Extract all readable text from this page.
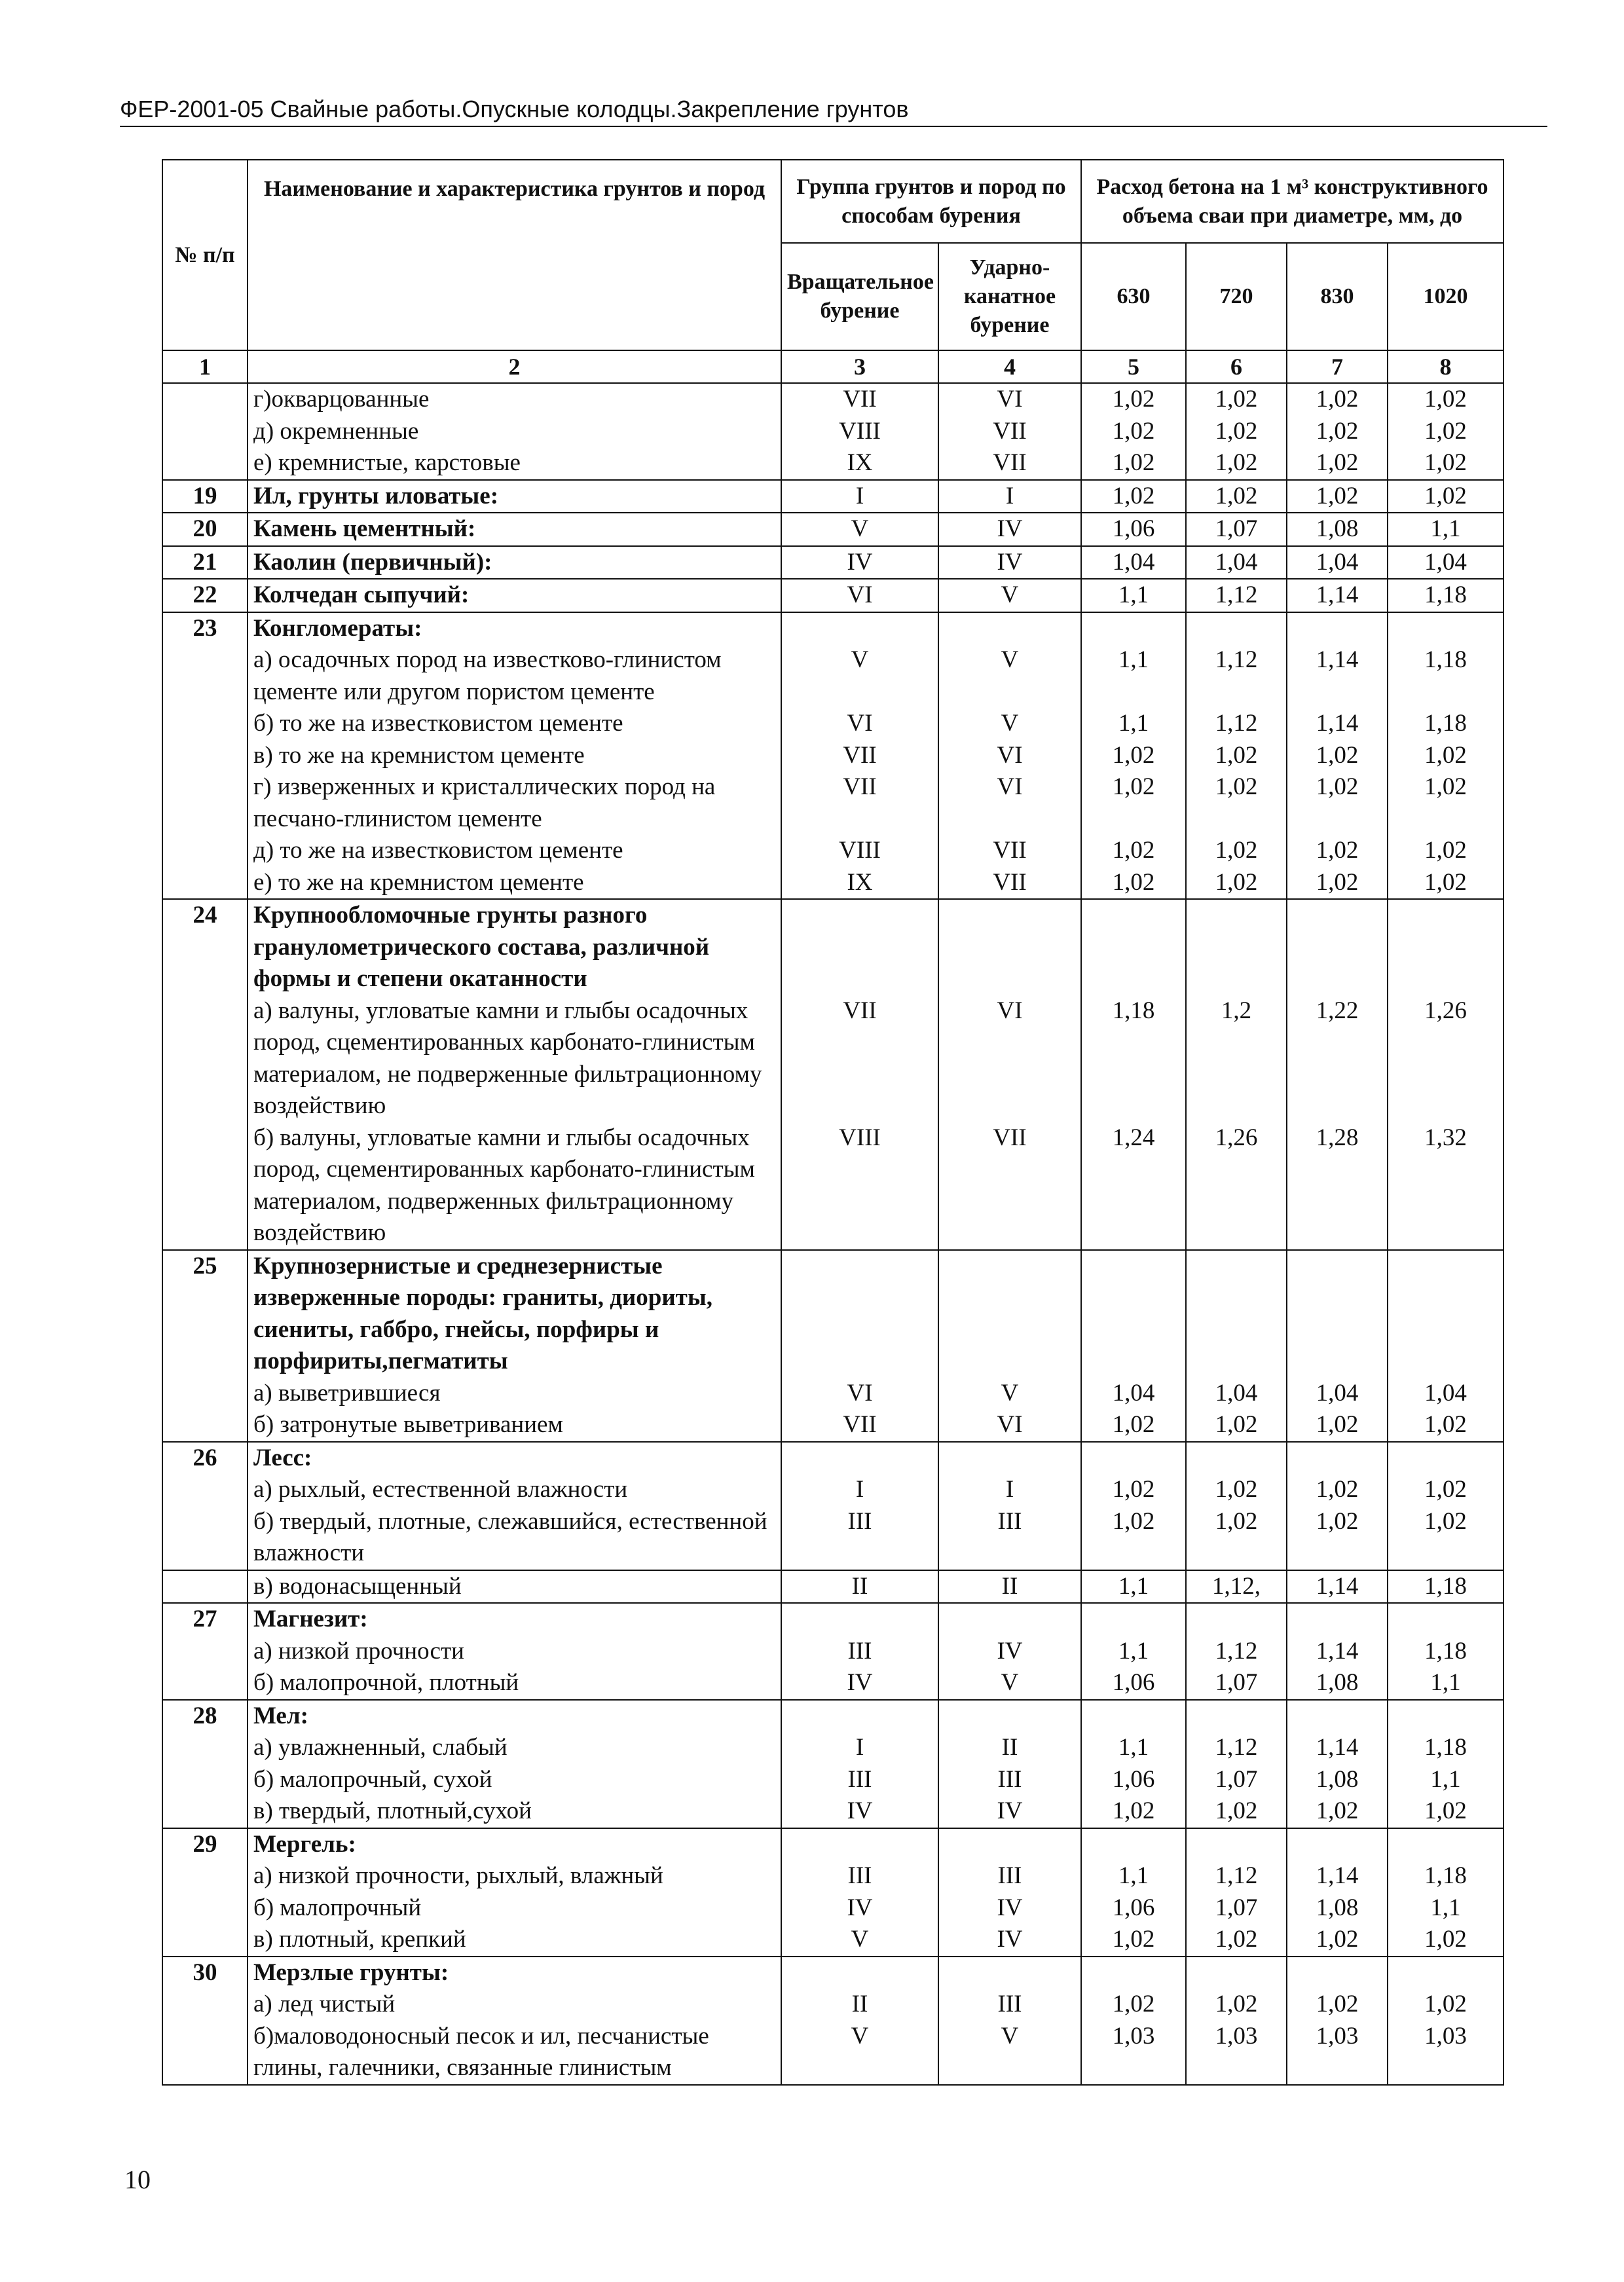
ФЕР-2001-05 Свайные работы.Опускные колодцы.Закрепление грунтов
№ п/п	Наименование и характеристика грунтов и пород	Группа грунтов и пород по способам бурения		Расход бетона на 1 м³ конструктивного объема сваи при диаметре, мм, до			
		Вращательное бурение	Ударно-канатное бурение	630	720	830	1020
1	2	3	4	5	6	7	8
	г)окварцованные	VII	VI	1,02	1,02	1,02	1,02
	д) окремненные	VIII	VII	1,02	1,02	1,02	1,02
	е) кремнистые, карстовые	IX	VII	1,02	1,02	1,02	1,02
19	Ил, грунты иловатые:	I	I	1,02	1,02	1,02	1,02
20	Камень цементный:	V	IV	1,06	1,07	1,08	1,1
21	Каолин (первичный):	IV	IV	1,04	1,04	1,04	1,04
22	Колчедан сыпучий:	VI	V	1,1	1,12	1,14	1,18
23	Конгломераты:						
	а) осадочных пород на известково-глинистом цементе или другом пористом цементе	V	V	1,1	1,12	1,14	1,18
	б) то же на известковистом цементе	VI	V	1,1	1,12	1,14	1,18
	в) то же на кремнистом цементе	VII	VI	1,02	1,02	1,02	1,02
	г) изверженных и кристаллических пород на песчано-глинистом цементе	VII	VI	1,02	1,02	1,02	1,02
	д) то же на известковистом цементе	VIII	VII	1,02	1,02	1,02	1,02
	е) то же на кремнистом цементе	IX	VII	1,02	1,02	1,02	1,02
24	Крупнообломочные грунты разного гранулометрического состава, различной формы и степени окатанности						
	а) валуны, угловатые камни и глыбы осадочных пород, сцементированных карбонато-глинистым материалом, не подверженные фильтрационному воздействию	VII	VI	1,18	1,2	1,22	1,26
	б) валуны, угловатые камни и глыбы осадочных пород, сцементированных карбонато-глинистым материалом, подверженных фильтрационному воздействию	VIII	VII	1,24	1,26	1,28	1,32
25	Крупнозернистые и среднезернистые изверженные породы: граниты, диориты, сиениты, габбро, гнейсы, порфиры и порфириты,пегматиты						
	а) выветрившиеся	VI	V	1,04	1,04	1,04	1,04
	б) затронутые выветриванием	VII	VI	1,02	1,02	1,02	1,02
26	Лесс:						
	а) рыхлый, естественной влажности	I	I	1,02	1,02	1,02	1,02
	б) твердый, плотные, слежавшийся, естественной влажности	III	III	1,02	1,02	1,02	1,02
	в) водонасыщенный	II	II	1,1	1,12,	1,14	1,18
27	Магнезит:						
	а) низкой прочности	III	IV	1,1	1,12	1,14	1,18
	б) малопрочной, плотный	IV	V	1,06	1,07	1,08	1,1
28	Мел:						
	а) увлажненный, слабый	I	II	1,1	1,12	1,14	1,18
	б) малопрочный, сухой	III	III	1,06	1,07	1,08	1,1
	в) твердый, плотный,сухой	IV	IV	1,02	1,02	1,02	1,02
29	Мергель:						
	а) низкой прочности, рыхлый, влажный	III	III	1,1	1,12	1,14	1,18
	б) малопрочный	IV	IV	1,06	1,07	1,08	1,1
	в) плотный, крепкий	V	IV	1,02	1,02	1,02	1,02
30	Мерзлые грунты:						
	а) лед чистый	II	III	1,02	1,02	1,02	1,02
	б)маловодоносный песок и ил, песчанистые глины, галечники, связанные глинистым	V	V	1,03	1,03	1,03	1,03
10
